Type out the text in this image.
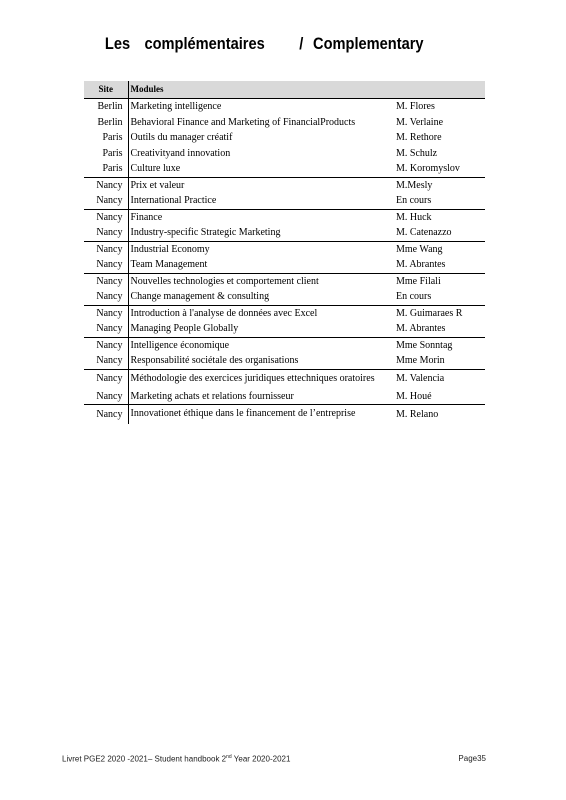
Les complémentaires / Complementary
Site	Modules	
Berlin	Marketing intelligence	M. Flores
Berlin	Behavioral Finance and Marketing of FinancialProducts	M. Verlaine
Paris	Outils du manager créatif	M. Rethore
Paris	Creativityand innovation	M. Schulz
Paris	Culture luxe	M. Koromyslov
Nancy	Prix et valeur	M.Mesly
Nancy	International Practice	En cours
Nancy	Finance	M. Huck
Nancy	Industry-specific Strategic Marketing	M. Catenazzo
Nancy	Industrial Economy	Mme Wang
Nancy	Team Management	M. Abrantes
Nancy	Nouvelles technologies et comportement client	Mme Filali
Nancy	Change management & consulting	En cours
Nancy	Introduction à l'analyse de données avec Excel	M. Guimaraes R
Nancy	Managing People Globally	M. Abrantes
Nancy	Intelligence économique	Mme Sonntag
Nancy	Responsabilité sociétale des organisations	Mme Morin
Nancy	Méthodologie des exercices juridiques ettechniques oratoires	M. Valencia
Nancy	Marketing achats et relations fournisseur	M. Houé
Nancy	Innovationet éthique dans le financement de l’entreprise	M. Relano
Livret PGE2 2020 -2021– Student handbook 2nd Year 2020-2021	Page35
